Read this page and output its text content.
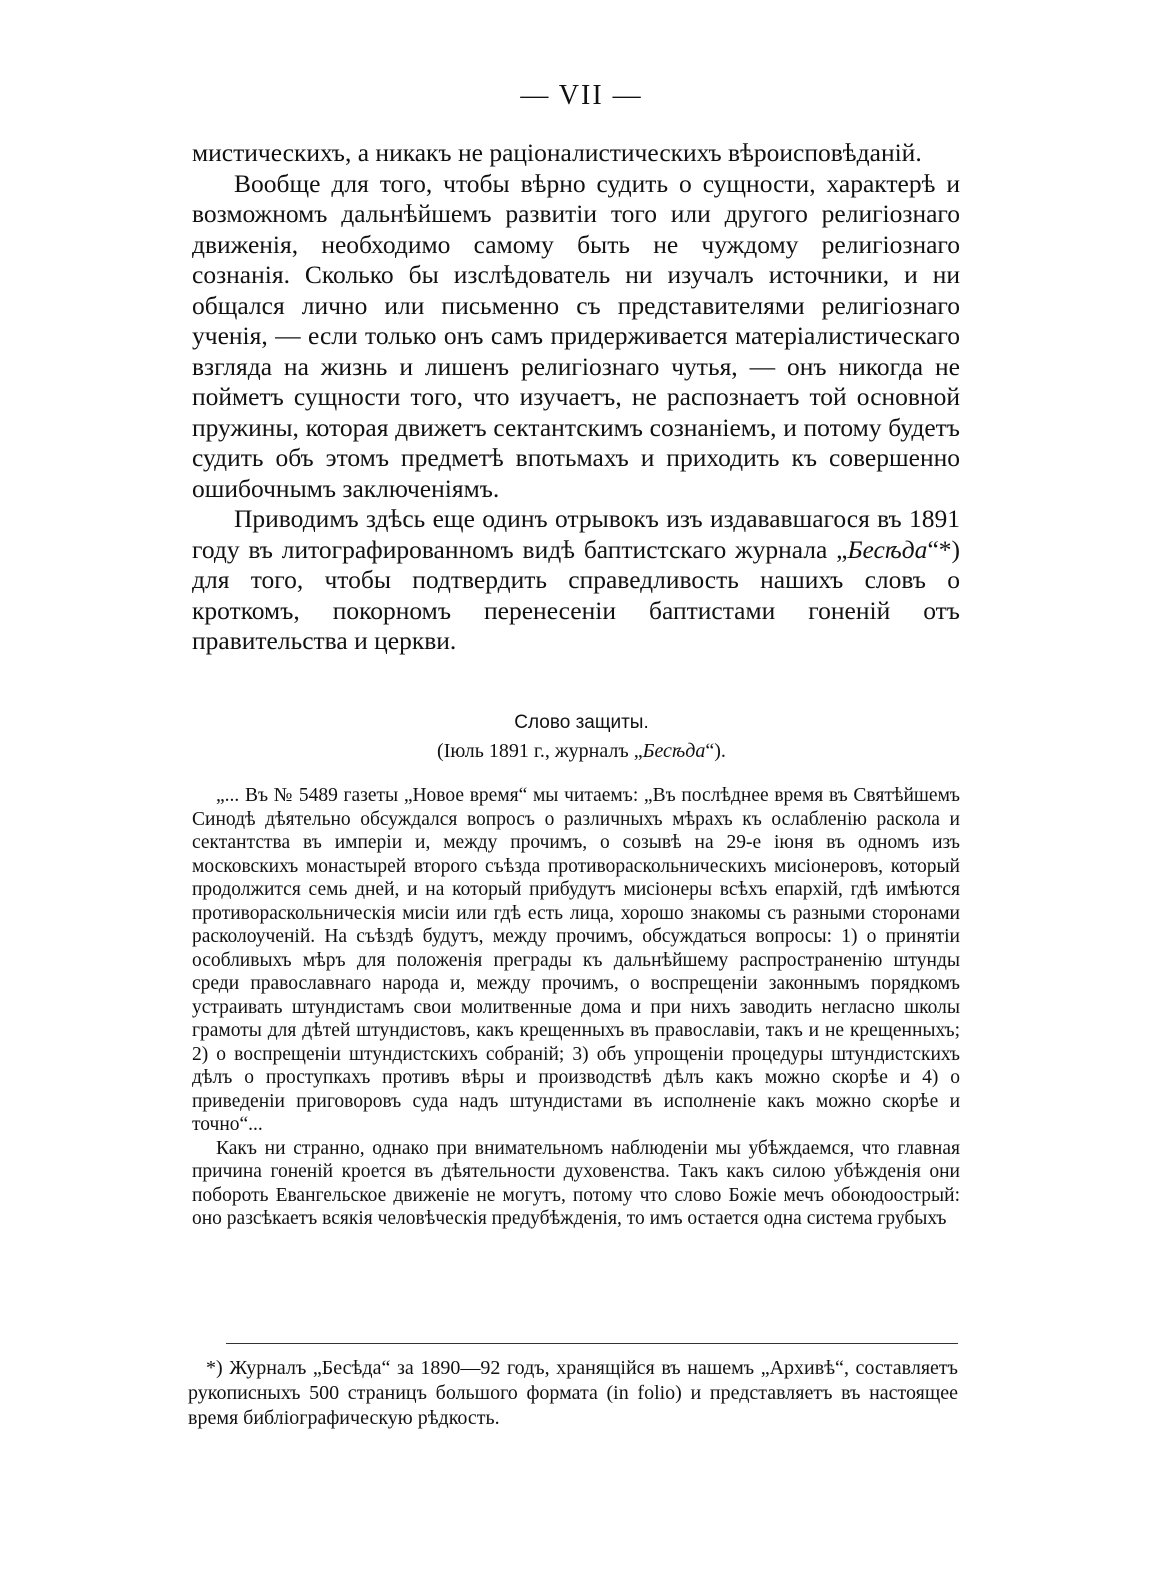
— VII —

мистическихъ, а никакъ не раціоналистическихъ вѣроисповѣданій.

Вообще для того, чтобы вѣрно судить о сущности, характерѣ и возможномъ дальнѣйшемъ развитіи того или другого религіознаго движенія, необходимо самому быть не чуждому религіознаго сознанія. Сколько бы изслѣдователь ни изучалъ источники, и ни общался лично или письменно съ представителями религіознаго ученія, — если только онъ самъ придерживается матеріалистическаго взгляда на жизнь и лишенъ религіознаго чутья, — онъ никогда не пойметъ сущности того, что изучаетъ, не распознаетъ той основной пружины, которая движетъ сектантскимъ сознаніемъ, и потому будетъ судить объ этомъ предметѣ впотьмахъ и приходить къ совершенно ошибочнымъ заключеніямъ.

Приводимъ здѣсь еще одинъ отрывокъ изъ издававшагося въ 1891 году въ литографированномъ видѣ баптистскаго журнала „Бесѣда“*) для того, чтобы подтвердить справедливость нашихъ словъ о кроткомъ, покорномъ перенесеніи баптистами гоненій отъ правительства и церкви.

Слово защиты.
(Іюль 1891 г., журналъ „Бесѣда“).

„... Въ № 5489 газеты „Новое время“ мы читаемъ: „Въ послѣднее время въ Святѣйшемъ Синодѣ дѣятельно обсуждался вопросъ о различныхъ мѣрахъ къ ослабленію раскола и сектантства въ имперіи и, между прочимъ, о созывѣ на 29-е іюня въ одномъ изъ московскихъ монастырей второго съѣзда противораскольническихъ мисіонеровъ, который продолжится семь дней, и на который прибудутъ мисіонеры всѣхъ епархій, гдѣ имѣются противораскольническія мисіи или гдѣ есть лица, хорошо знакомы съ разными сторонами расколоученій. На съѣздѣ будутъ, между прочимъ, обсуждаться вопросы: 1) о принятіи особливыхъ мѣръ для положенія преграды къ дальнѣйшему распространенію штунды среди православнаго народа и, между прочимъ, о воспрещеніи законнымъ порядкомъ устраивать штундистамъ свои молитвенные дома и при нихъ заводить негласно школы грамоты для дѣтей штундистовъ, какъ крещенныхъ въ православіи, такъ и не крещенныхъ; 2) о воспрещеніи штундистскихъ собраній; 3) объ упрощеніи процедуры штундистскихъ дѣлъ о проступкахъ противъ вѣры и производствѣ дѣлъ какъ можно скорѣе и 4) о приведеніи приговоровъ суда надъ штундистами въ исполненіе какъ можно скорѣе и точно“...

Какъ ни странно, однако при внимательномъ наблюденіи мы убѣждаемся, что главная причина гоненій кроется въ дѣятельности духовенства. Такъ какъ силою убѣжденія они побороть Евангельское движеніе не могутъ, потому что слово Божіе мечъ обоюдоострый: оно разсѣкаетъ всякія человѣческія предубѣжденія, то имъ остается одна система грубыхъ

*) Журналъ „Бесѣда“ за 1890—92 годъ, хранящійся въ нашемъ „Архивѣ“, составляетъ рукописныхъ 500 страницъ большого формата (in folio) и представляетъ въ настоящее время библіографическую рѣдкость.
